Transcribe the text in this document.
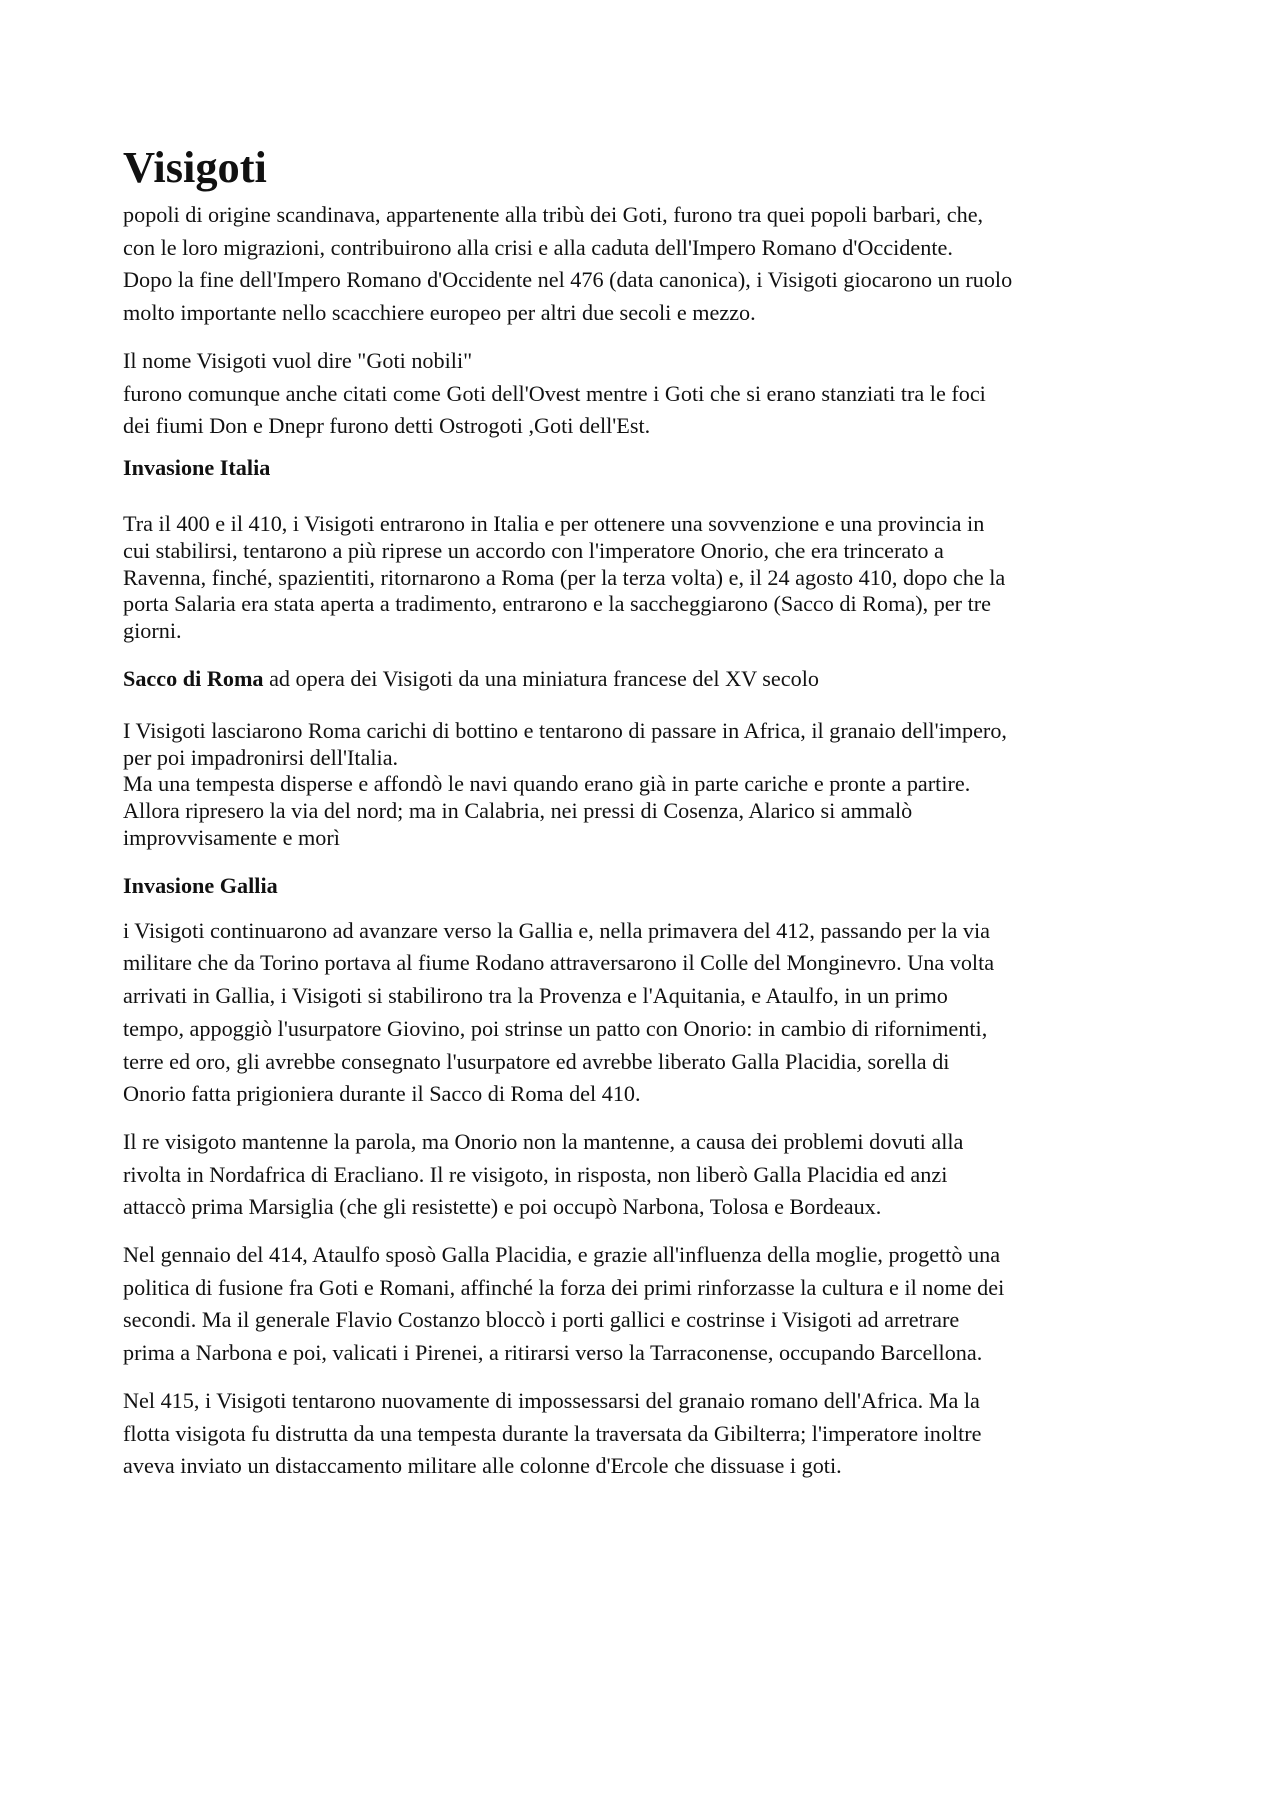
Visigoti

popoli di origine scandinava, appartenente alla tribù dei Goti, furono tra quei popoli barbari, che,
con le loro migrazioni, contribuirono alla crisi e alla caduta dell'Impero Romano d'Occidente.
Dopo la fine dell'Impero Romano d'Occidente nel 476 (data canonica), i Visigoti giocarono un ruolo
molto importante nello scacchiere europeo per altri due secoli e mezzo.

Il nome Visigoti vuol dire "Goti nobili"
furono comunque anche citati come Goti dell'Ovest mentre i Goti che si erano stanziati tra le foci
dei fiumi Don e Dnepr furono detti Ostrogoti ,Goti dell'Est.

Invasione Italia

Tra il 400 e il 410, i Visigoti entrarono in Italia e per ottenere una sovvenzione e una provincia in
cui stabilirsi, tentarono a più riprese un accordo con l'imperatore Onorio, che era trincerato a
Ravenna, finché, spazientiti, ritornarono a Roma (per la terza volta) e, il 24 agosto 410, dopo che la
porta Salaria era stata aperta a tradimento, entrarono e la saccheggiarono (Sacco di Roma), per tre
giorni.

Sacco di Roma ad opera dei Visigoti da una miniatura francese del XV secolo

I Visigoti lasciarono Roma carichi di bottino e tentarono di passare in Africa, il granaio dell'impero,
per poi impadronirsi dell'Italia.
Ma una tempesta disperse e affondò le navi quando erano già in parte cariche e pronte a partire.
Allora ripresero la via del nord; ma in Calabria, nei pressi di Cosenza, Alarico si ammalò
improvvisamente e morì

Invasione Gallia

i Visigoti continuarono ad avanzare verso la Gallia e, nella primavera del 412, passando per la via
militare che da Torino portava al fiume Rodano attraversarono il Colle del Monginevro. Una volta
arrivati in Gallia, i Visigoti si stabilirono tra la Provenza e l'Aquitania, e Ataulfo, in un primo
tempo, appoggiò l'usurpatore Giovino, poi strinse un patto con Onorio: in cambio di rifornimenti,
terre ed oro, gli avrebbe consegnato l'usurpatore ed avrebbe liberato Galla Placidia, sorella di
Onorio fatta prigioniera durante il Sacco di Roma del 410.

Il re visigoto mantenne la parola, ma Onorio non la mantenne, a causa dei problemi dovuti alla
rivolta in Nordafrica di Eracliano. Il re visigoto, in risposta, non liberò Galla Placidia ed anzi
attaccò prima Marsiglia (che gli resistette) e poi occupò Narbona, Tolosa e Bordeaux.

Nel gennaio del 414, Ataulfo sposò Galla Placidia, e grazie all'influenza della moglie, progettò una
politica di fusione fra Goti e Romani, affinché la forza dei primi rinforzasse la cultura e il nome dei
secondi. Ma il generale Flavio Costanzo bloccò i porti gallici e costrinse i Visigoti ad arretrare
prima a Narbona e poi, valicati i Pirenei, a ritirarsi verso la Tarraconense, occupando Barcellona.

Nel 415, i Visigoti tentarono nuovamente di impossessarsi del granaio romano dell'Africa. Ma la
flotta visigota fu distrutta da una tempesta durante la traversata da Gibilterra; l'imperatore inoltre
aveva inviato un distaccamento militare alle colonne d'Ercole che dissuase i goti.
